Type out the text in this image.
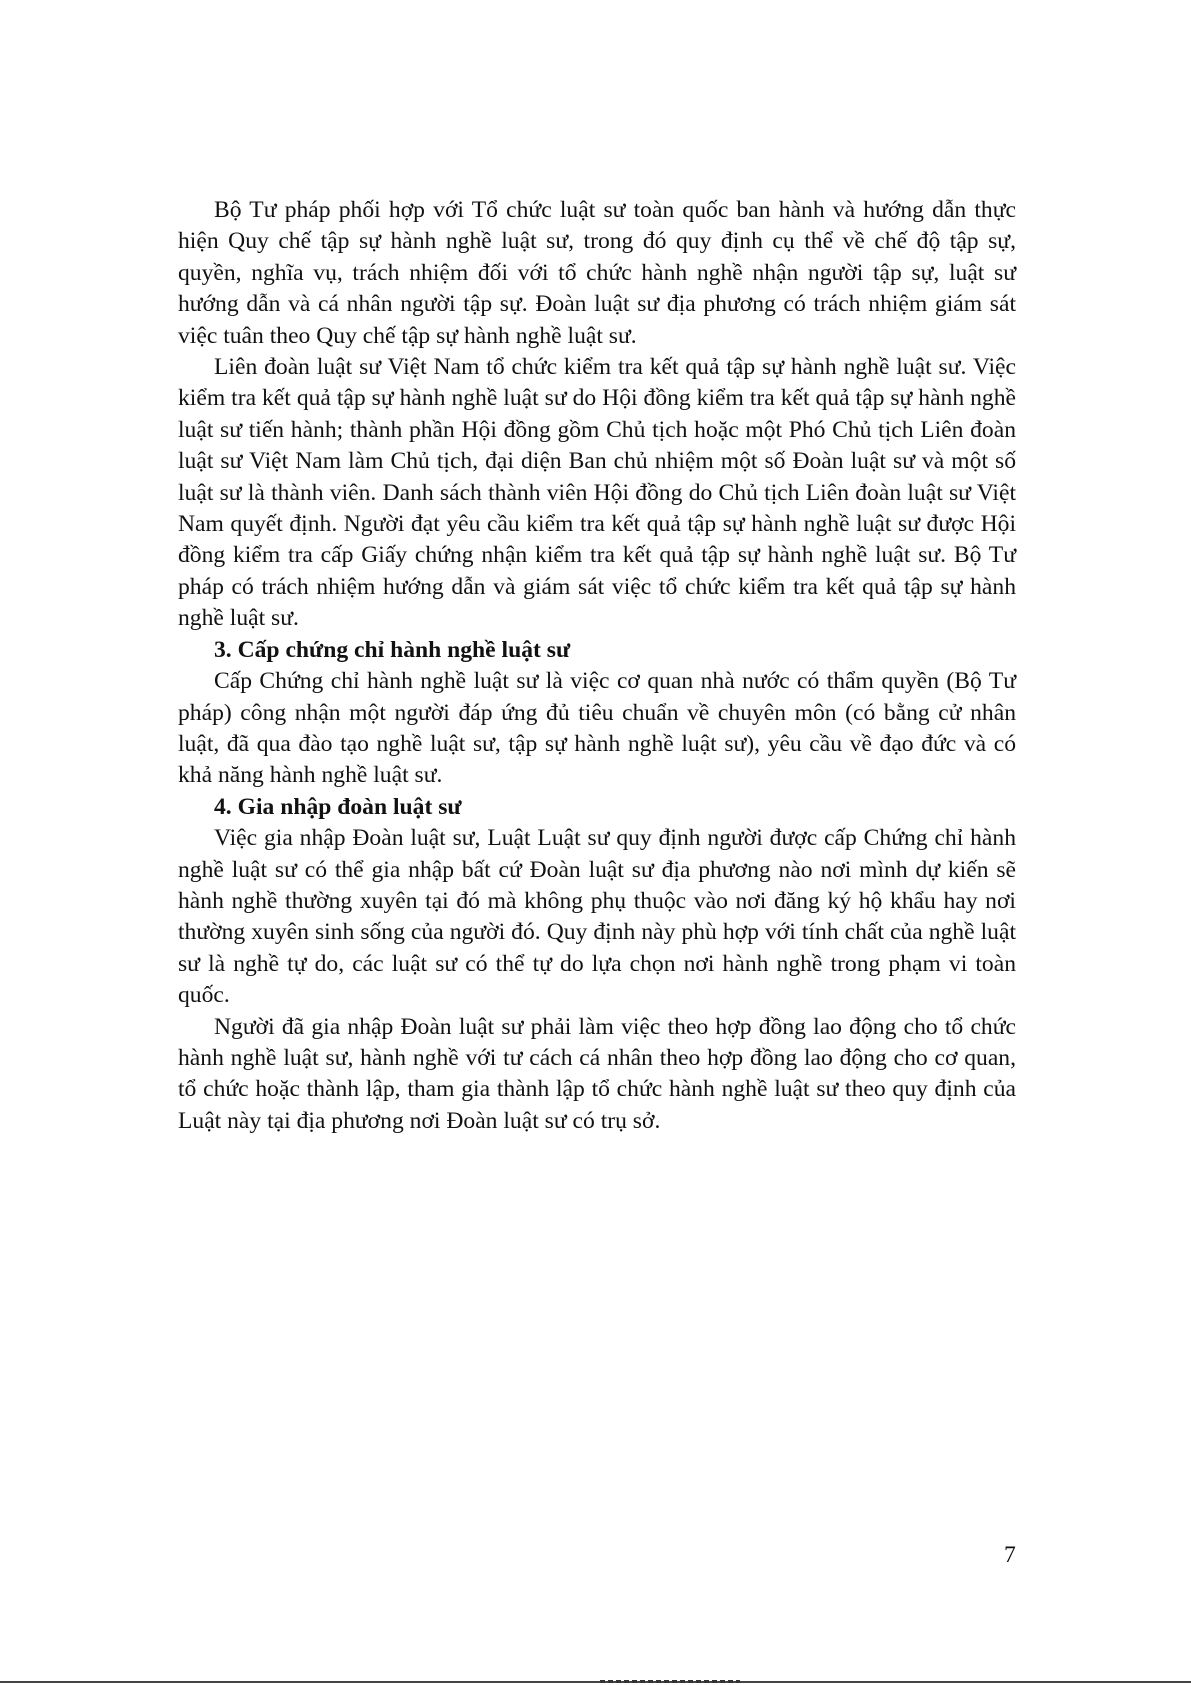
Bộ Tư pháp phối hợp với Tổ chức luật sư toàn quốc ban hành và hướng dẫn thực hiện Quy chế tập sự hành nghề luật sư, trong đó quy định cụ thể về chế độ tập sự, quyền, nghĩa vụ, trách nhiệm đối với tổ chức hành nghề nhận người tập sự, luật sư hướng dẫn và cá nhân người tập sự. Đoàn luật sư địa phương có trách nhiệm giám sát việc tuân theo Quy chế tập sự hành nghề luật sư.

Liên đoàn luật sư Việt Nam tổ chức kiểm tra kết quả tập sự hành nghề luật sư. Việc kiểm tra kết quả tập sự hành nghề luật sư do Hội đồng kiểm tra kết quả tập sự hành nghề luật sư tiến hành; thành phần Hội đồng gồm Chủ tịch hoặc một Phó Chủ tịch Liên đoàn luật sư Việt Nam làm Chủ tịch, đại diện Ban chủ nhiệm một số Đoàn luật sư và một số luật sư là thành viên. Danh sách thành viên Hội đồng do Chủ tịch Liên đoàn luật sư Việt Nam quyết định. Người đạt yêu cầu kiểm tra kết quả tập sự hành nghề luật sư được Hội đồng kiểm tra cấp Giấy chứng nhận kiểm tra kết quả tập sự hành nghề luật sư. Bộ Tư pháp có trách nhiệm hướng dẫn và giám sát việc tổ chức kiểm tra kết quả tập sự hành nghề luật sư.

3. Cấp chứng chỉ hành nghề luật sư

Cấp Chứng chỉ hành nghề luật sư là việc cơ quan nhà nước có thẩm quyền (Bộ Tư pháp) công nhận một người đáp ứng đủ tiêu chuẩn về chuyên môn (có bằng cử nhân luật, đã qua đào tạo nghề luật sư, tập sự hành nghề luật sư), yêu cầu về đạo đức và có khả năng hành nghề luật sư.

4. Gia nhập đoàn luật sư

Việc gia nhập Đoàn luật sư, Luật Luật sư quy định người được cấp Chứng chỉ hành nghề luật sư có thể gia nhập bất cứ Đoàn luật sư địa phương nào nơi mình dự kiến sẽ hành nghề thường xuyên tại đó mà không phụ thuộc vào nơi đăng ký hộ khẩu hay nơi thường xuyên sinh sống của người đó. Quy định này phù hợp với tính chất của nghề luật sư là nghề tự do, các luật sư có thể tự do lựa chọn nơi hành nghề trong phạm vi toàn quốc.

Người đã gia nhập Đoàn luật sư phải làm việc theo hợp đồng lao động cho tổ chức hành nghề luật sư, hành nghề với tư cách cá nhân theo hợp đồng lao động cho cơ quan, tổ chức hoặc thành lập, tham gia thành lập tổ chức hành nghề luật sư theo quy định của Luật này tại địa phương nơi Đoàn luật sư có trụ sở.

7
